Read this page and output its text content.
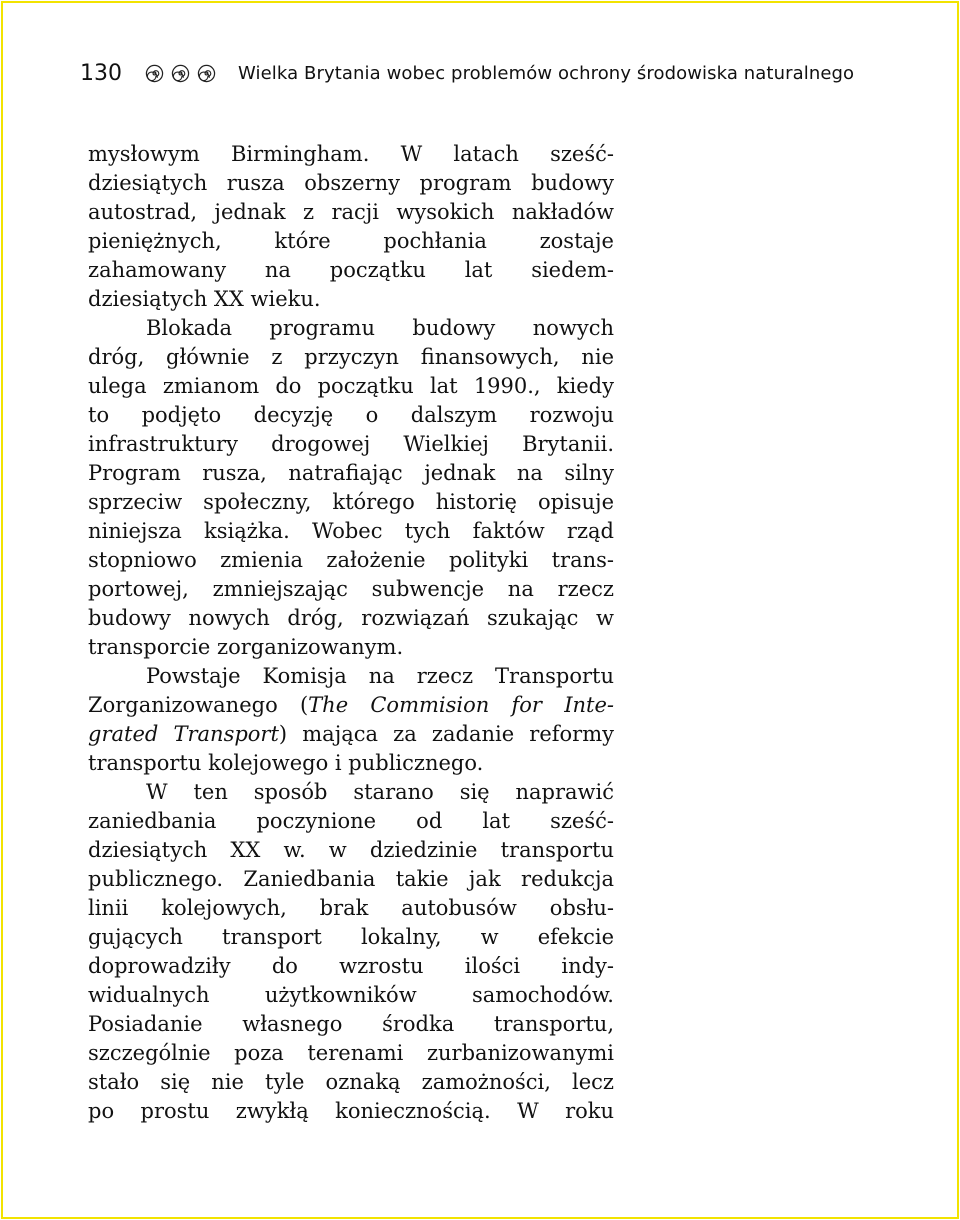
130	Wielka Brytania wobec problemów ochrony środowiska naturalnego
mysłowym Birmingham. W latach sześć-
dziesiątych rusza obszerny program budowy
autostrad, jednak z racji wysokich nakładów
pieniężnych, które pochłania zostaje
zahamowany na początku lat siedem-
dziesiątych XX wieku.
Blokada programu budowy nowych
dróg, głównie z przyczyn finansowych, nie
ulega zmianom do początku lat 1990., kiedy
to podjęto decyzję o dalszym rozwoju
infrastruktury drogowej Wielkiej Brytanii.
Program rusza, natrafiając jednak na silny
sprzeciw społeczny, którego historię opisuje
niniejsza książka. Wobec tych faktów rząd
stopniowo zmienia założenie polityki trans-
portowej, zmniejszając subwencje na rzecz
budowy nowych dróg, rozwiązań szukając w
transporcie zorganizowanym.
Powstaje Komisja na rzecz Transportu
Zorganizowanego (The Commision for Inte-
grated Transport) mająca za zadanie reformy
transportu kolejowego i publicznego.
W ten sposób starano się naprawić
zaniedbania poczynione od lat sześć-
dziesiątych XX w. w dziedzinie transportu
publicznego. Zaniedbania takie jak redukcja
linii kolejowych, brak autobusów obsłu-
gujących transport lokalny, w efekcie
doprowadziły do wzrostu ilości indy-
widualnych użytkowników samochodów.
Posiadanie własnego środka transportu,
szczególnie poza terenami zurbanizowanymi
stało się nie tyle oznaką zamożności, lecz
po prostu zwykłą koniecznością. W roku
